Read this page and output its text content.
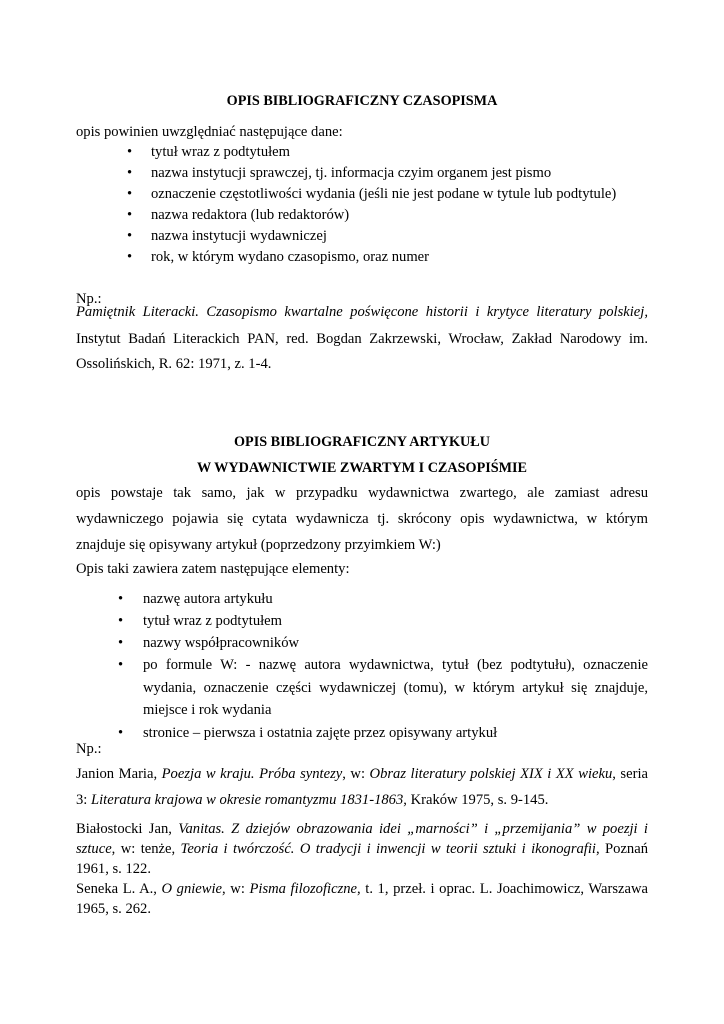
OPIS BIBLIOGRAFICZNY CZASOPISMA
opis powinien uwzględniać następujące dane:
• tytuł wraz z podtytułem
• nazwa instytucji sprawczej, tj. informacja czyim organem jest pismo
• oznaczenie częstotliwości wydania (jeśli nie jest podane w tytule lub podtytule)
• nazwa redaktora (lub redaktorów)
• nazwa instytucji wydawniczej
• rok, w którym wydano czasopismo, oraz numer
Np.:
Pamiętnik Literacki. Czasopismo kwartalne poświęcone historii i krytyce literatury polskiej,
Instytut Badań Literackich PAN, red. Bogdan Zakrzewski, Wrocław, Zakład Narodowy im.
Ossolińskich, R. 62: 1971, z. 1-4.
OPIS BIBLIOGRAFICZNY ARTYKUŁU
W WYDAWNICTWIE ZWARTYM I CZASOPIŚMIE
opis powstaje tak samo, jak w przypadku wydawnictwa zwartego, ale zamiast adresu
wydawniczego pojawia się cytata wydawnicza tj. skrócony opis wydawnictwa, w którym
znajduje się opisywany artykuł (poprzedzony przyimkiem W:)
Opis taki zawiera zatem następujące elementy:
• nazwę autora artykułu
• tytuł wraz z podtytułem
• nazwy współpracowników
• po formule W: - nazwę autora wydawnictwa, tytuł (bez podtytułu), oznaczenie
wydania, oznaczenie części wydawniczej (tomu), w którym artykuł się znajduje,
miejsce i rok wydania
• stronice – pierwsza i ostatnia zajęte przez opisywany artykuł
Np.:
Janion Maria, Poezja w kraju. Próba syntezy, w: Obraz literatury polskiej XIX i XX wieku, seria
3: Literatura krajowa w okresie romantyzmu 1831-1863, Kraków 1975, s. 9-145.
Białostocki Jan, Vanitas. Z dziejów obrazowania idei „marności” i „przemijania” w poezji i
sztuce, w: tenże, Teoria i twórczość. O tradycji i inwencji w teorii sztuki i ikonografii, Poznań
1961, s. 122.
Seneka L. A., O gniewie, w: Pisma filozoficzne, t. 1, przeł. i oprac. L. Joachimowicz, Warszawa
1965, s. 262.
